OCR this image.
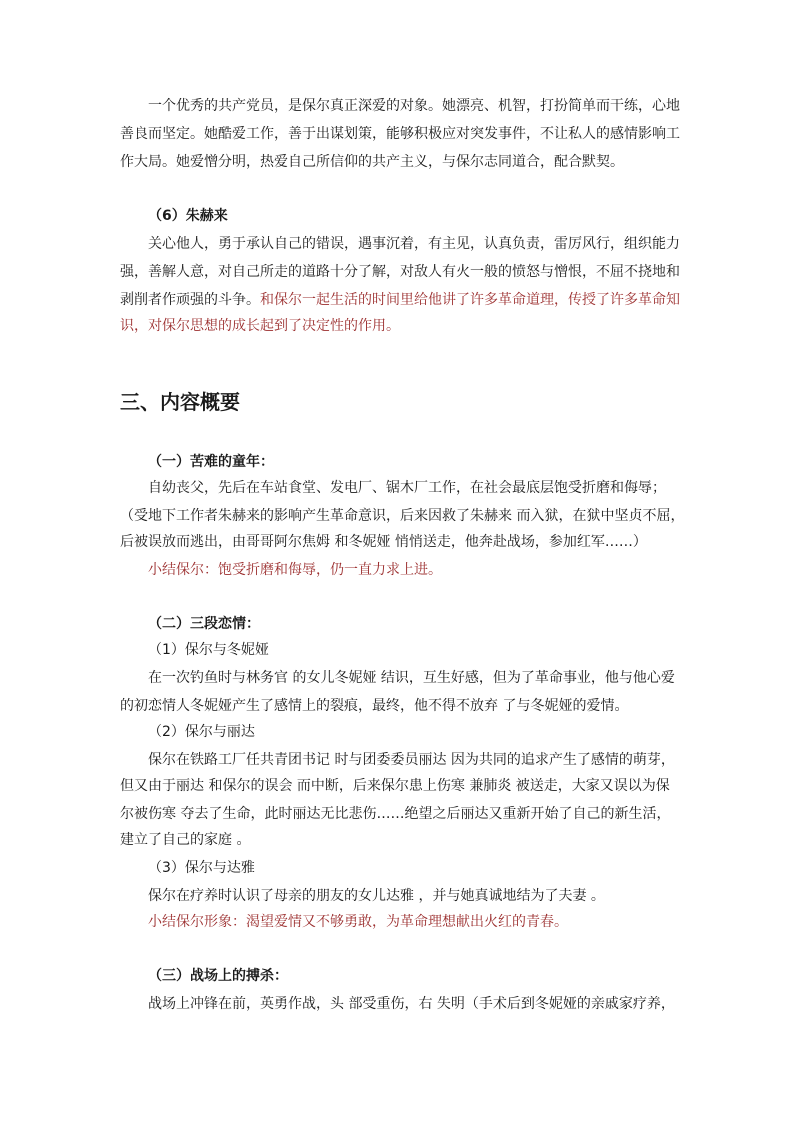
一个优秀的共产党员，是保尔真正深爱的对象。她漂亮、机智，打扮简单而干练，心地
善良而坚定。她酷爱工作，善于出谋划策，能够积极应对突发事件，不让私人的感情影响工
作大局。她爱憎分明，热爱自己所信仰的共产主义，与保尔志同道合，配合默契。
（6）朱赫来
关心他人，勇于承认自己的错误，遇事沉着，有主见，认真负责，雷厉风行，组织能力
强，善解人意，对自己所走的道路十分了解，对敌人有火一般的愤怒与憎恨，不屈不挠地和
剥削者作顽强的斗争。和保尔一起生活的时间里给他讲了许多革命道理，传授了许多革命知
识，对保尔思想的成长起到了决定性的作用。
三、内容概要
（一）苦难的童年：
自幼丧父，先后在车站食堂、发电厂、锯木厂工作，在社会最底层饱受折磨和侮辱；
（受地下工作者朱赫来的影响产生革命意识，后来因救了朱赫来 而入狱，在狱中坚贞不屈，
后被误放而逃出，由哥哥阿尔焦姆 和冬妮娅 悄悄送走，他奔赴战场，参加红军……）
小结保尔：饱受折磨和侮辱，仍一直力求上进。
（二）三段恋情：
（1）保尔与冬妮娅
在一次钓鱼时与林务官 的女儿冬妮娅 结识，互生好感，但为了革命事业，他与他心爱
的初恋情人冬妮娅产生了感情上的裂痕，最终，他不得不放弃 了与冬妮娅的爱情。
（2）保尔与丽达
保尔在铁路工厂任共青团书记 时与团委委员丽达 因为共同的追求产生了感情的萌芽，
但又由于丽达 和保尔的误会 而中断，后来保尔患上伤寒 兼肺炎 被送走，大家又误以为保
尔被伤寒 夺去了生命，此时丽达无比悲伤……绝望之后丽达又重新开始了自己的新生活，
建立了自己的家庭 。
（3）保尔与达雅
保尔在疗养时认识了母亲的朋友的女儿达雅 ，并与她真诚地结为了夫妻 。
小结保尔形象：渴望爱情又不够勇敢，为革命理想献出火红的青春。
（三）战场上的搏杀：
战场上冲锋在前，英勇作战，头 部受重伤，右 失明（手术后到冬妮娅的亲戚家疗养，
